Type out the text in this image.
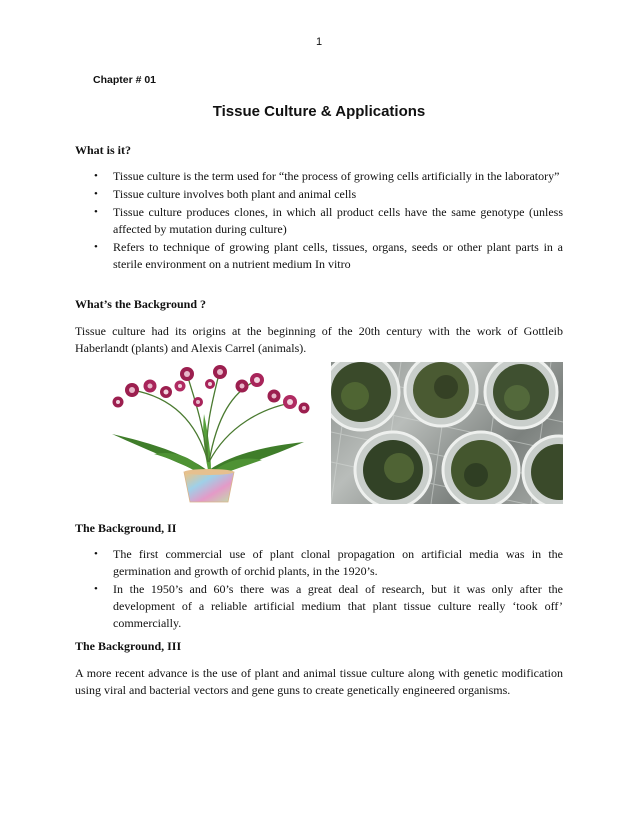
1
Chapter # 01
Tissue Culture & Applications

What is it?

• Tissue culture is the term used for “the process of growing cells artificially in the laboratory”
• Tissue culture involves both plant and animal cells
• Tissue culture produces clones, in which all product cells have the same genotype (unless affected by mutation during culture)
• Refers to technique of growing plant cells, tissues, organs, seeds or other plant parts in a sterile environment on a nutrient medium In vitro

What’s the Background ?

Tissue culture had its origins at the beginning of the 20th century with the work of Gottleib Haberlandt (plants) and Alexis Carrel (animals).

The Background, II

• The first commercial use of plant clonal propagation on artificial media was in the germination and growth of orchid plants, in the 1920’s.
• In the 1950’s and 60’s there was a great deal of research, but it was only after the development of a reliable artificial medium that plant tissue culture really ‘took off’ commercially.

The Background, III

A more recent advance is the use of plant and animal tissue culture along with genetic modification using viral and bacterial vectors and gene guns to create genetically engineered organisms.
